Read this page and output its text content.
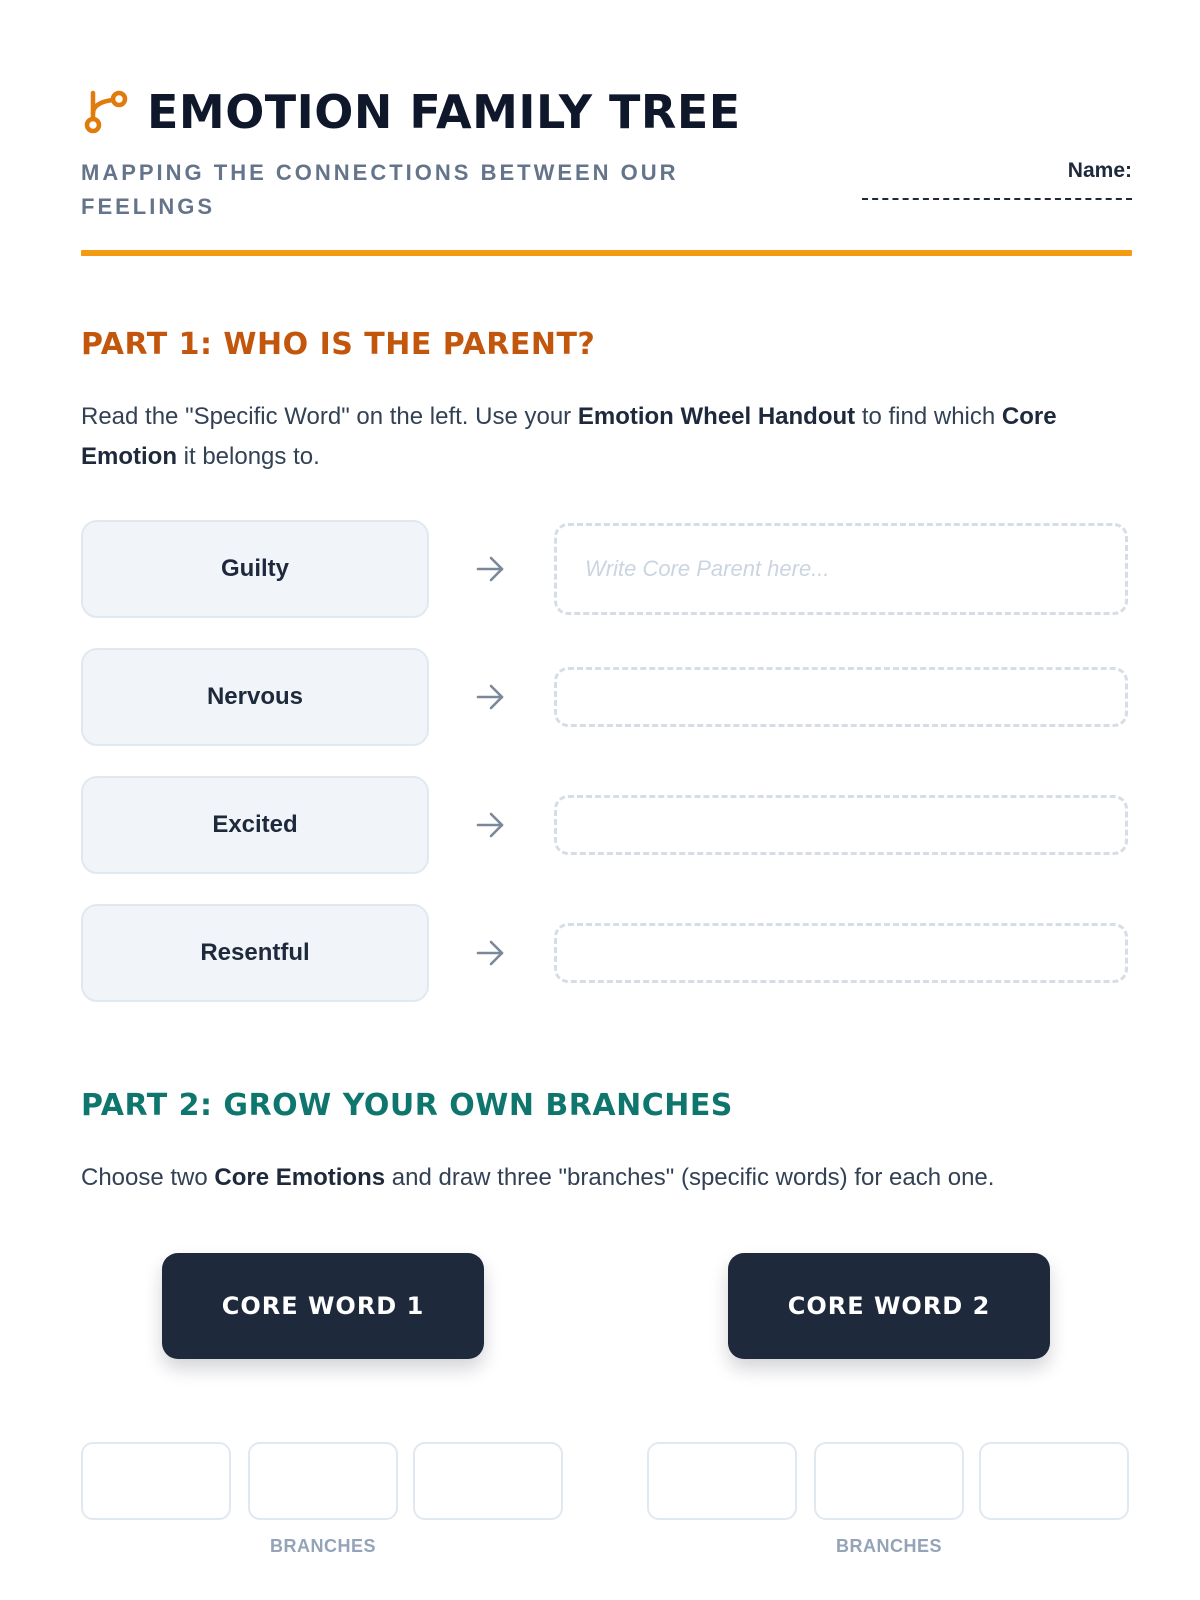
EMOTION FAMILY TREE
MAPPING THE CONNECTIONS BETWEEN OUR FEELINGS
Name:
PART 1: WHO IS THE PARENT?
Read the "Specific Word" on the left. Use your Emotion Wheel Handout to find which Core Emotion it belongs to.
Guilty
Write Core Parent here...
Nervous
Excited
Resentful
PART 2: GROW YOUR OWN BRANCHES
Choose two Core Emotions and draw three "branches" (specific words) for each one.
CORE WORD 1
BRANCHES
CORE WORD 2
BRANCHES
